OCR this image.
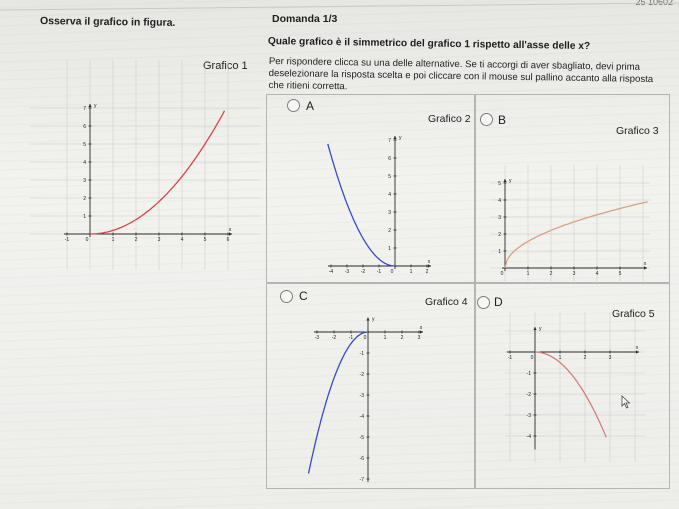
Osserva il grafico in figura.	Domanda 1/3
Quale grafico è il simmetrico del grafico 1 rispetto all'asse delle x?
Per rispondere clicca su una delle alternative. Se ti accorgi di aver sbagliato, devi prima deselezionare la risposta scelta e poi cliccare con il mouse sul pallino accanto alla risposta che ritieni corretta.
Grafico 1
-1	0	1	2	3	4	5	6
1
2
3
4
5
6
7
x
y	A
Grafico 2
-4 -3 -2 -1 0	1	2
1
2
3
4
5
6
7
x
y
B
Grafico 3
0	1	2	3	4	5
1
2
3
4
5
x
y
C	Grafico 4
-3	-2	-1 0	1	2	3
-1
-2
-3
-4
-5
-6
-7
x
y
D
Grafico 5
-1	0	1	2	3
-1
-2
-3
-4
x
y
